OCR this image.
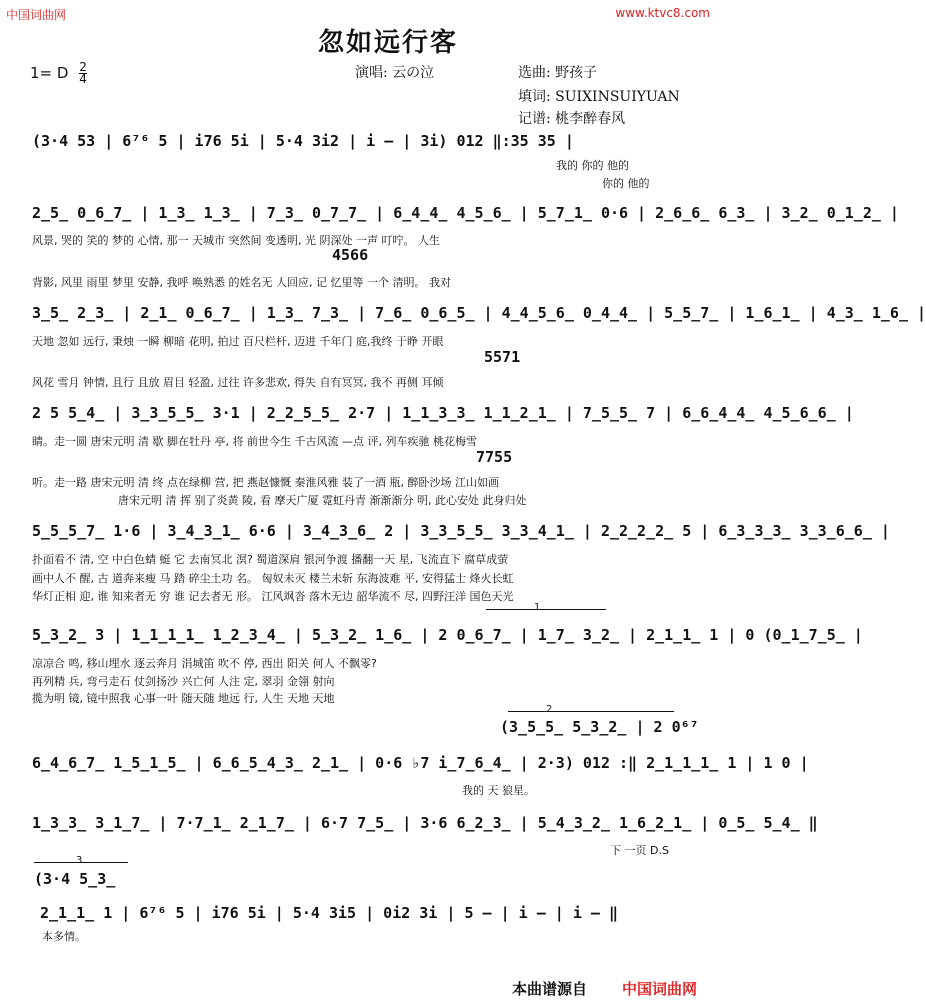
中国词曲网	www.ktvc8.com
忽如远行客
1= D $\frac{2}{4}$	演唱: 云の泣	选曲: 野孩子
填词: SUIXINSUIYUAN
记谱: 桃李醉春风
(3·4 53 | 6⁷⁶ 5 | i76 5i | 5·4 3i2 | i – | 3i) 012 ‖:35 35 |
我的 你的 他的
你的 他的
2̲5̲ 0̲6̲7̲ | 1̲3̲ 1̲3̲ | 7̲3̲ 0̲7̲7̲ | 6̲4̲4̲ 4̲5̲6̲ | 5̲7̲1̲ 0·6 | 2̲6̲6̲ 6̲3̲ | 3̲2̲ 0̲1̲2̲ |
风景, 哭的 笑的 梦的 心情, 那一 天城市 突然间 变透明, 光 阴深处 一声 叮咛。 人生
背影, 风里 雨里 梦里 安静, 我呼 唤熟悉 的姓名无 人回应, 记 忆里等 一个 清明。 我对
4566
3̲5̲ 2̲3̲ | 2̲1̲ 0̲6̲7̲ | 1̲3̲ 7̲3̲ | 7̲6̲ 0̲6̲5̲ | 4̲4̲5̲6̲ 0̲4̲4̲ | 5̲5̲7̲ | 1̲6̲1̲ | 4̲3̲ 1̲6̲ |
天地 忽如 远行, 秉烛 一瞬 柳暗 花明, 拍过 百尺栏杆, 迈进 千年门 庭,我终 于睁 开眼
风花 雪月 钟情, 且行 且放 眉目 轻盈, 过往 许多悲欢, 得失 自有冥冥, 我不 再侧 耳倾
5571
2 5 5̲4̲ | 3̲3̲5̲5̲ 3·1 | 2̲2̲5̲5̲ 2·7 | 1̲1̲3̲3̲ 1̲1̲2̲1̲ | 7̲5̲5̲ 7 | 6̲6̲4̲4̲ 4̲5̲6̲6̲ |
睛。走一圆 唐宋元明 清 歇 脚在牡丹 亭, 将 前世今生 千古风流 —点 评, 列车疾驰 桃花梅雪
听。走一路 唐宋元明 清 终 点在绿柳 营, 把 燕赵慷慨 秦淮风雅 装了一酒 瓶, 醉卧沙场 江山如画
唐宋元明 清 挥 别了炎黄 陵, 看 摩天广厦 霓虹丹青 渐渐渐分 明, 此心安处 此身归处
7755
5̲5̲5̲7̲ 1·6 | 3̲4̲3̲1̲ 6·6 | 3̲4̲3̲6̲ 2 | 3̲3̲5̲5̲ 3̲3̲4̲1̲ | 2̲2̲2̲2̲ 5 | 6̲3̲3̲3̲ 3̲3̲6̲6̲ |
扑面看不 清, 空 中白色蜻 蜓 它 去南冥北 溟? 蜀道深肩 银河争渡 播翻一天 星, 飞流直下 腐草成萤
画中人不 醒, 古 道奔来瘦 马 踏 碎尘土功 名。 匈奴未灭 楼兰未斩 东海波难 平, 安得猛士 烽火长虹
华灯正相 迎, 谁 知来者无 穷 谁 记去者无 形。 江风飒沓 落木无边 韶华流不 尽, 四野汪洋 国色天光
1
5̲3̲2̲ 3 | 1̲1̲1̲1̲ 1̲2̲3̲4̲ | 5̲3̲2̲ 1̲6̲ | 2 0̲6̲7̲ | 1̲7̲ 3̲2̲ | 2̲1̲1̲ 1 | 0 (0̲1̲7̲5̲ |
凉凉合 鸣, 移山埋水 逐云奔月 涓城笛 吹不 停, 西出 阳关 何人 不飘零?
再列精 兵, 弯弓走石 仗剑扬沙 兴亡何 人注 定, 翠羽 金翎 射向
揽为明 镜, 镜中照我 心事一叶 随天随 地远 行, 人生 天地 天地
2
(3̲5̲5̲ 5̲3̲2̲ | 2 0⁶⁷
6̲4̲6̲7̲ 1̲5̲1̲5̲ | 6̲6̲5̲4̲3̲ 2̲1̲ | 0·6 ♭7 i̲7̲6̲4̲ | 2·3) 012 :‖ 2̲1̲1̲1̲ 1 | 1 0 |
我的 天 狼星。
1̲3̲3̲ 3̲1̲7̲ | 7·7̲1̲ 2̲1̲7̲ | 6·7 7̲5̲ | 3·6 6̲2̲3̲ | 5̲4̲3̲2̲ 1̲6̲2̲1̲ | 0̲5̲ 5̲4̲ ‖
下 一页 D.S
3
(3·4 5̲3̲
2̲1̲1̲ 1 | 6⁷⁶ 5 | i76 5i | 5·4 3i5 | 0i2 3i | 5 – | i – | i – ‖
本多情。
本曲谱源自 中国词曲网
